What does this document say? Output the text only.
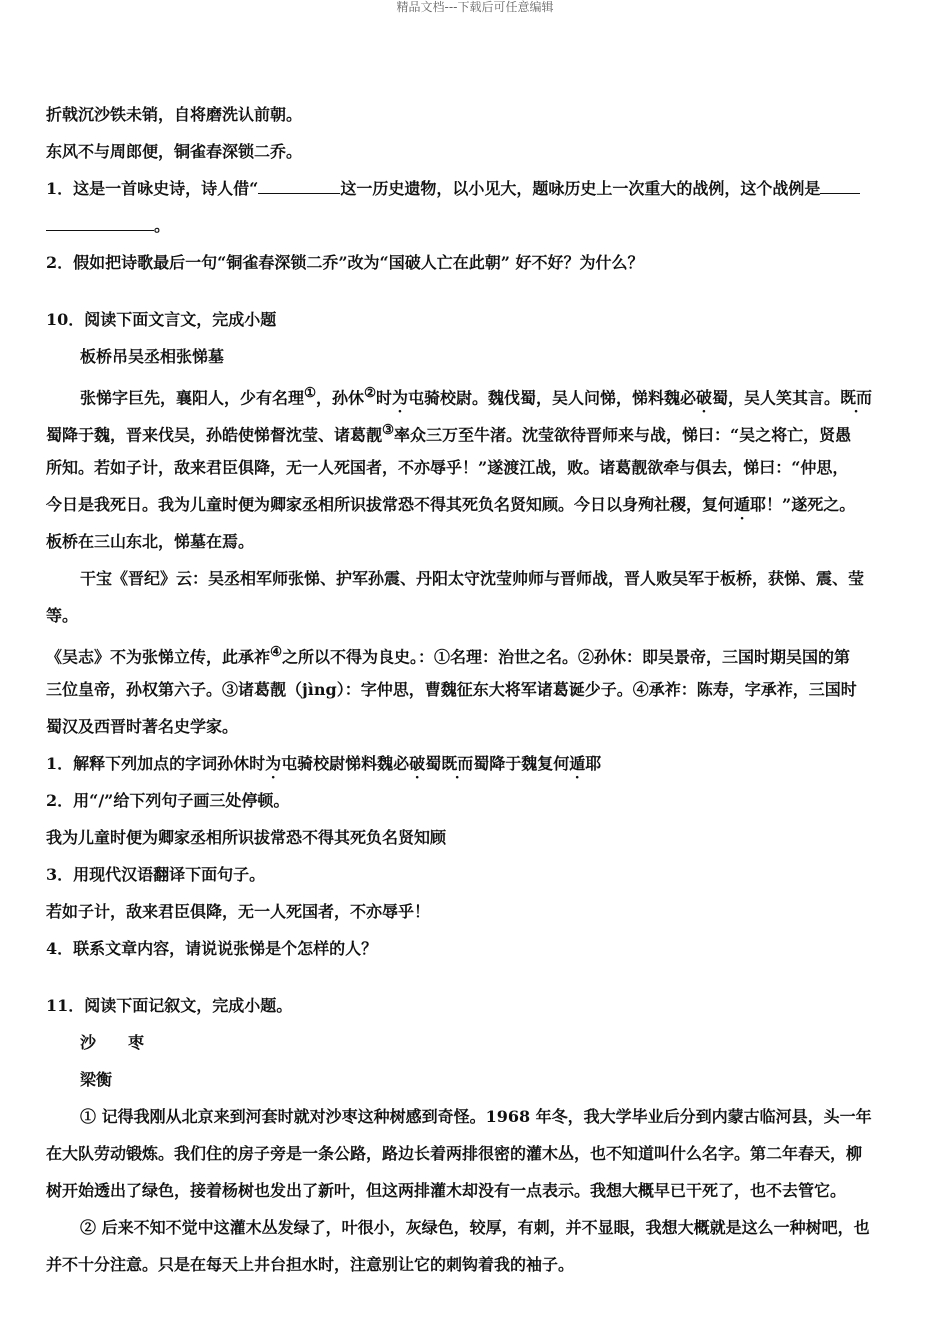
精品文档---下载后可任意编辑
折戟沉沙铁未销，自将磨洗认前朝。
东风不与周郎便，铜雀春深锁二乔。
1．这是一首咏史诗，诗人借“	这一历史遗物，以小见大，题咏历史上一次重大的战例，这个战例是
。
2．假如把诗歌最后一句“铜雀春深锁二乔”改为“国破人亡在此朝” 好不好？为什么？
10．阅读下面文言文，完成小题
板桥吊吴丞相张悌墓
张悌字巨先，襄阳人，少有名理①，孙休②时为屯骑校尉。魏伐蜀，吴人问悌，悌料魏必破蜀，吴人笑其言。既而
蜀降于魏，晋来伐吴，孙皓使悌督沈莹、诸葛靓③率众三万至牛渚。沈莹欲待晋师来与战，悌曰：“吴之将亡，贤愚
所知。若如子计，敌来君臣俱降，无一人死国者，不亦辱乎！”遂渡江战，败。诸葛靓欲牵与俱去，悌曰：“仲思，
今日是我死日。我为儿童时便为卿家丞相所识拔常恐不得其死负名贤知顾。今日以身殉社稷，复何遁耶！”遂死之。
板桥在三山东北，悌墓在焉。
干宝《晋纪》云：吴丞相军师张悌、护军孙震、丹阳太守沈莹帅师与晋师战，晋人败吴军于板桥，获悌、震、莹
等。
《吴志》不为张悌立传，此承祚④之所以不得为良史。：①名理：治世之名。②孙休：即吴景帝，三国时期吴国的第
三位皇帝，孙权第六子。③诸葛靓（jìng）：字仲思，曹魏征东大将军诸葛诞少子。④承祚：陈寿，字承祚，三国时
蜀汉及西晋时著名史学家。
1．解释下列加点的字词孙休时为屯骑校尉悌料魏必破蜀既而蜀降于魏复何遁耶
2．用“/”给下列句子画三处停顿。
我为儿童时便为卿家丞相所识拔常恐不得其死负名贤知顾
3．用现代汉语翻译下面句子。
若如子计，敌来君臣俱降，无一人死国者，不亦辱乎！
4．联系文章内容，请说说张悌是个怎样的人？
11．阅读下面记叙文，完成小题。
沙　　枣
梁衡
① 记得我刚从北京来到河套时就对沙枣这种树感到奇怪。1968 年冬，我大学毕业后分到内蒙古临河县，头一年
在大队劳动锻炼。我们住的房子旁是一条公路，路边长着两排很密的灌木丛，也不知道叫什么名字。第二年春天，柳
树开始透出了绿色，接着杨树也发出了新叶，但这两排灌木却没有一点表示。我想大概早已干死了，也不去管它。
② 后来不知不觉中这灌木丛发绿了，叶很小，灰绿色，较厚，有刺，并不显眼，我想大概就是这么一种树吧，也
并不十分注意。只是在每天上井台担水时，注意别让它的刺钩着我的袖子。
